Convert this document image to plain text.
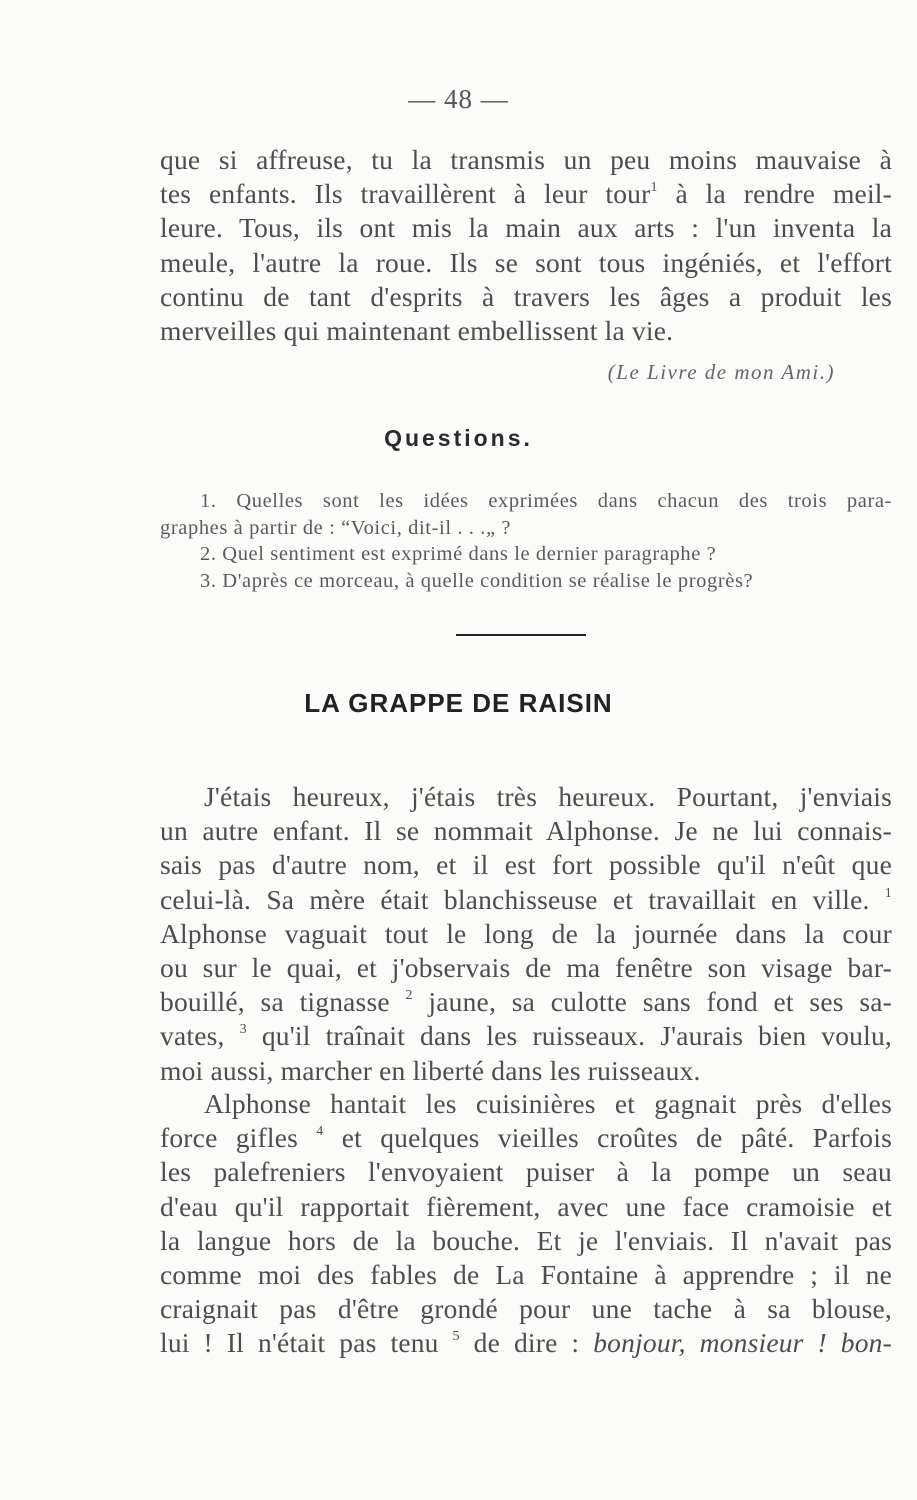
— 48 —
que si affreuse, tu la transmis un peu moins mauvaise à
tes enfants. Ils travaillèrent à leur tour$^1$ à la rendre meil-
leure. Tous, ils ont mis la main aux arts : l'un inventa la
meule, l'autre la roue. Ils se sont tous ingéniés, et l'effort
continu de tant d'esprits à travers les âges a produit les
merveilles qui maintenant embellissent la vie.
(Le Livre de mon Ami.)
Questions.
1. Quelles sont les idées exprimées dans chacun des trois para-
graphes à partir de : “Voici, dit-il . . .„ ?
2. Quel sentiment est exprimé dans le dernier paragraphe ?
3. D'après ce morceau, à quelle condition se réalise le progrès?
LA GRAPPE DE RAISIN
J'étais heureux, j'étais très heureux. Pourtant, j'enviais
un autre enfant. Il se nommait Alphonse. Je ne lui connais-
sais pas d'autre nom, et il est fort possible qu'il n'eût que
celui-là. Sa mère était blanchisseuse et travaillait en ville. $^1$
Alphonse vaguait tout le long de la journée dans la cour
ou sur le quai, et j'observais de ma fenêtre son visage bar-
bouillé, sa tignasse $^2$ jaune, sa culotte sans fond et ses sa-
vates, $^3$ qu'il traînait dans les ruisseaux. J'aurais bien voulu,
moi aussi, marcher en liberté dans les ruisseaux.
Alphonse hantait les cuisinières et gagnait près d'elles
force gifles $^4$ et quelques vieilles croûtes de pâté. Parfois
les palefreniers l'envoyaient puiser à la pompe un seau
d'eau qu'il rapportait fièrement, avec une face cramoisie et
la langue hors de la bouche. Et je l'enviais. Il n'avait pas
comme moi des fables de La Fontaine à apprendre ; il ne
craignait pas d'être grondé pour une tache à sa blouse,
lui ! Il n'était pas tenu $^5$ de dire : bonjour, monsieur ! bon-
